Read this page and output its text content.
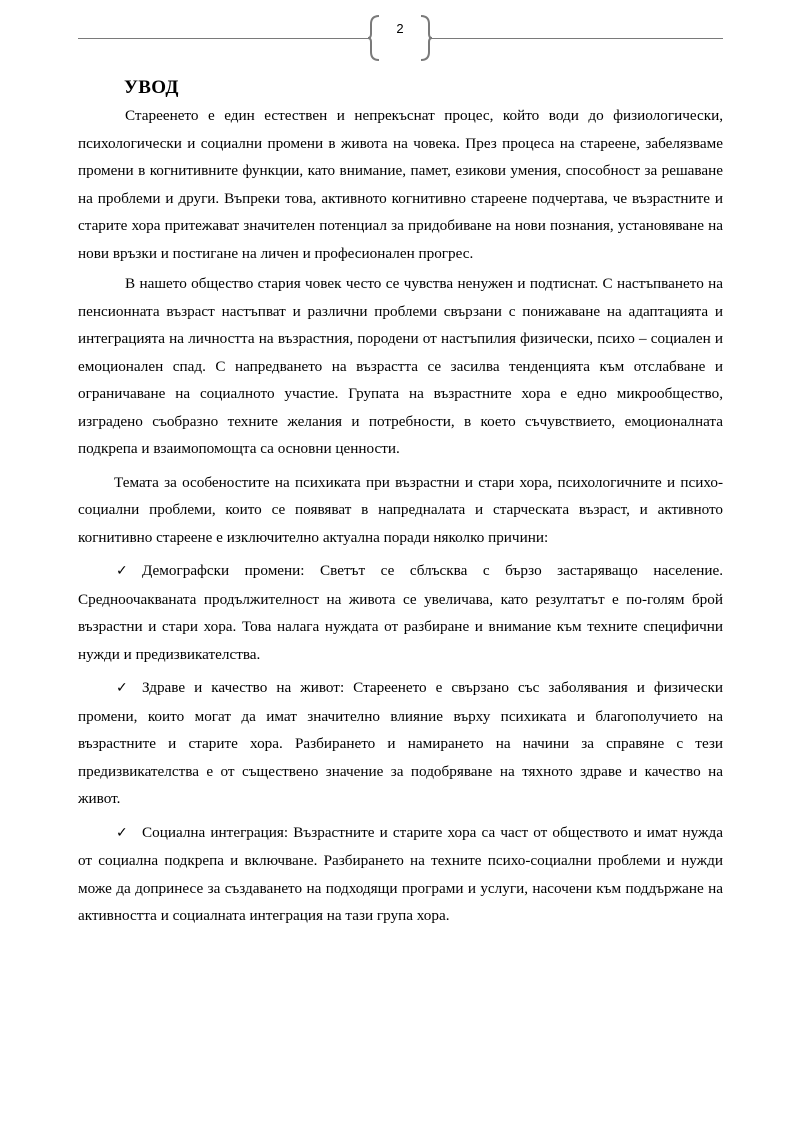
2
УВОД

Стареенето е един естествен и непрекъснат процес, който води до физиологически, психологически и социални промени в живота на човека. През процеса на стареене, забелязваме промени в когнитивните функции, като внимание, памет, езикови умения, способност за решаване на проблеми и други. Въпреки това, активното когнитивно стареене подчертава, че възрастните и старите хора притежават значителен потенциал за придобиване на нови познания, установяване на нови връзки и постигане на личен и професионален прогрес.

В нашето общество стария човек често се чувства ненужен и подтиснат. С настъпването на пенсионната възраст настъпват и различни проблеми свързани с понижаване на адаптацията и интеграцията на личността на възрастния, породени от настъпилия физически, психо – социален и емоционален спад. С напредването на възрастта се засилва тенденцията към отслабване и ограничаване на социалното участие. Групата на възрастните хора е едно микрообщество, изградено съобразно техните желания и потребности, в което съчувствието, емоционалната подкрепа и взаимопомощта са основни ценности.

Темата за особеностите на психиката при възрастни и стари хора, психологичните и психо-социални проблеми, които се появяват в напредналата и старческата възраст, и активното когнитивно стареене е изключително актуална поради няколко причини:

✓ Демографски промени: Светът се сблъсква с бързо застаряващо население. Средноочакваната продължителност на живота се увеличава, като резултатът е по-голям брой възрастни и стари хора. Това налага нуждата от разбиране и внимание към техните специфични нужди и предизвикателства.

✓ Здраве и качество на живот: Стареенето е свързано със заболявания и физически промени, които могат да имат значително влияние върху психиката и благополучието на възрастните и старите хора. Разбирането и намирането на начини за справяне с тези предизвикателства е от съществено значение за подобряване на тяхното здраве и качество на живот.

✓ Социална интеграция: Възрастните и старите хора са част от обществото и имат нужда от социална подкрепа и включване. Разбирането на техните психо-социални проблеми и нужди може да допринесе за създаването на подходящи програми и услуги, насочени към поддържане на активността и социалната интеграция на тази група хора.
